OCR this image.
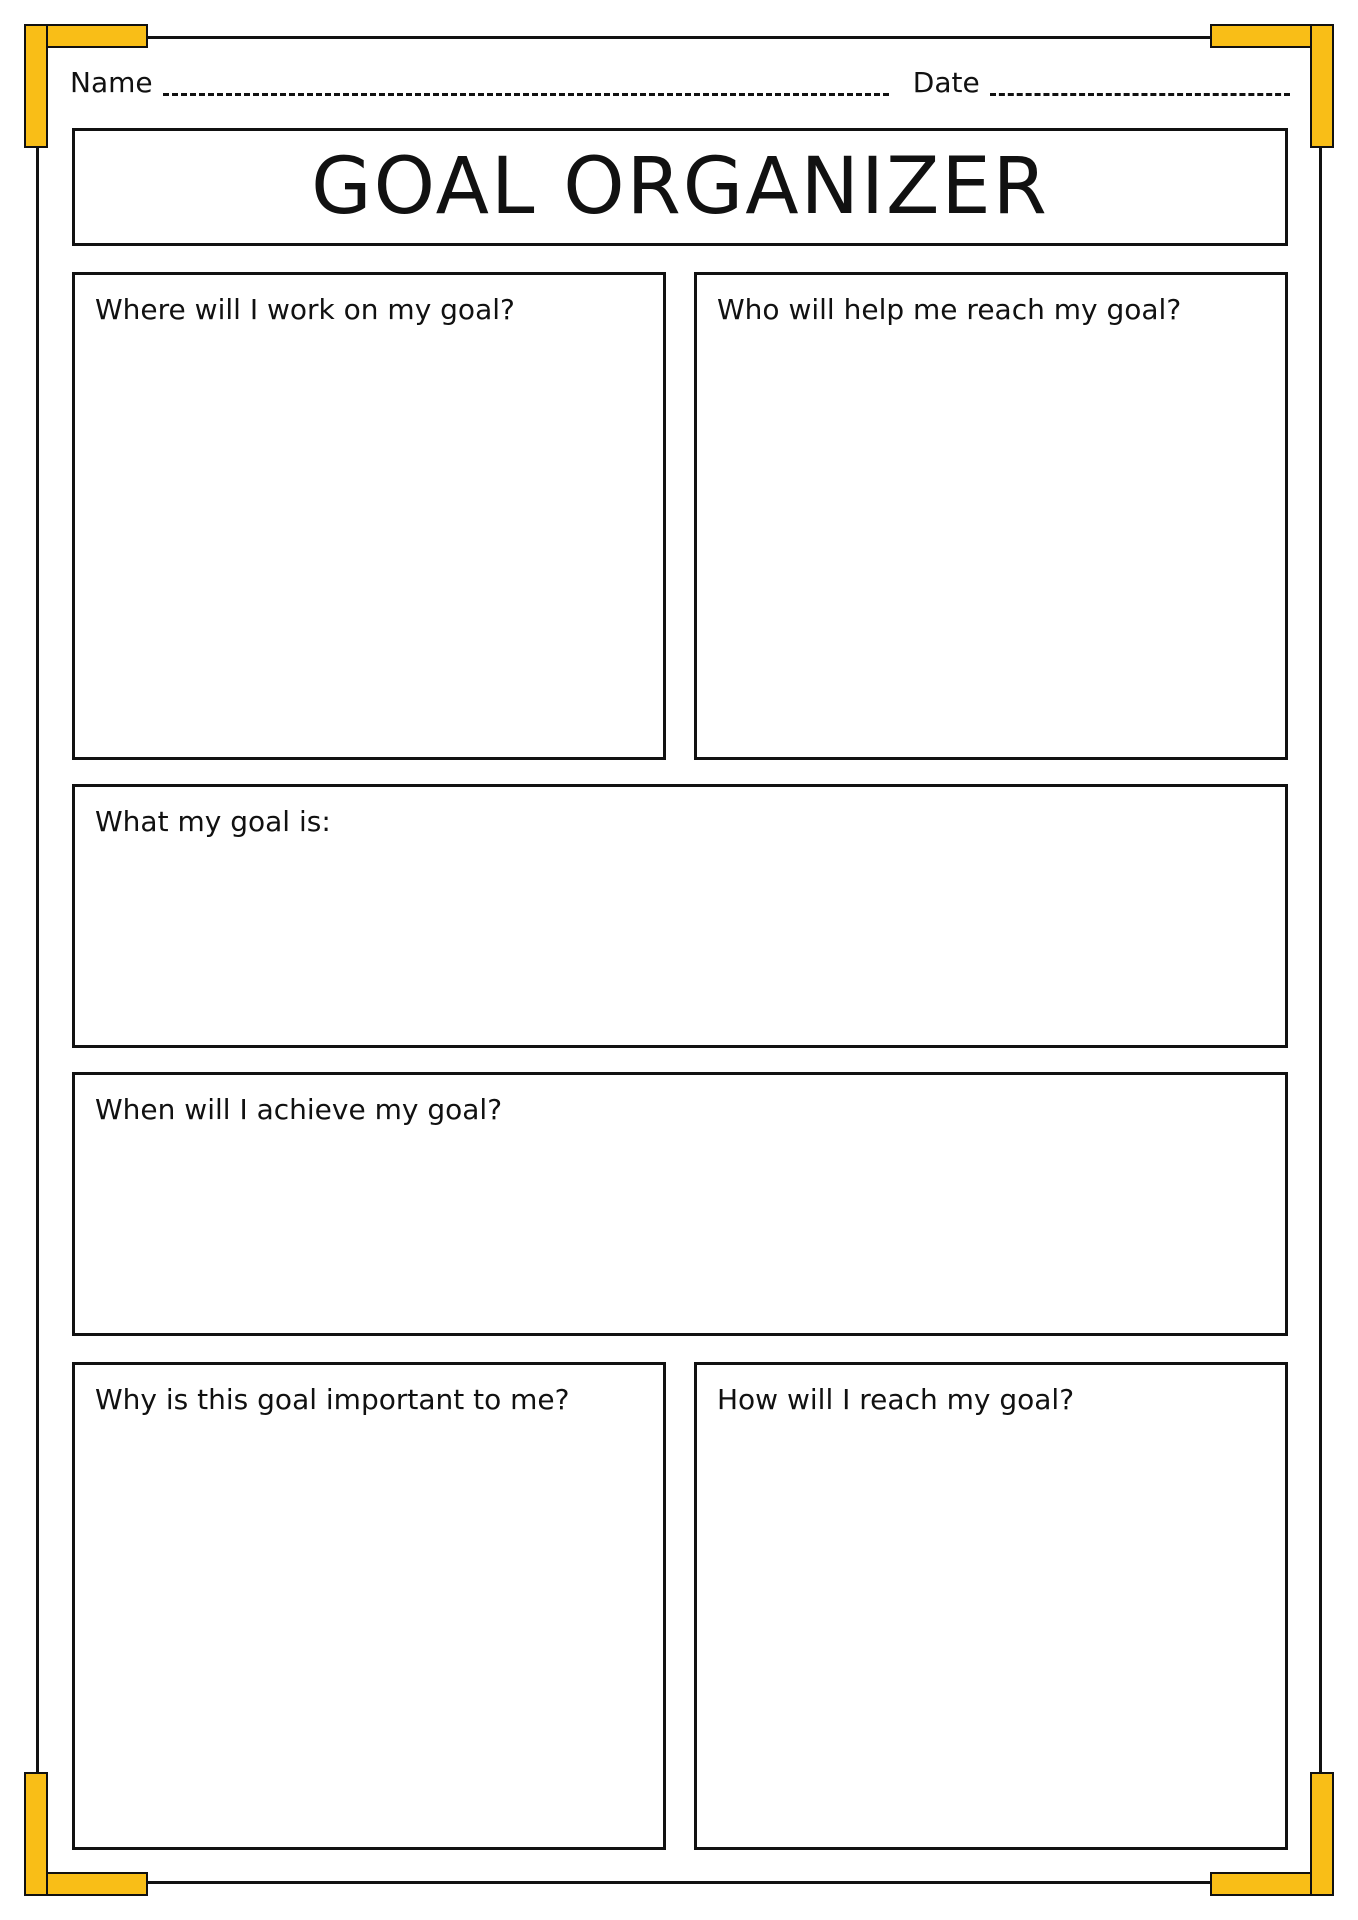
Name	Date
GOAL ORGANIZER
Where will I work on my goal?	Who will help me reach my goal?
What my goal is:
When will I achieve my goal?
Why is this goal important to me?	How will I reach my goal?
